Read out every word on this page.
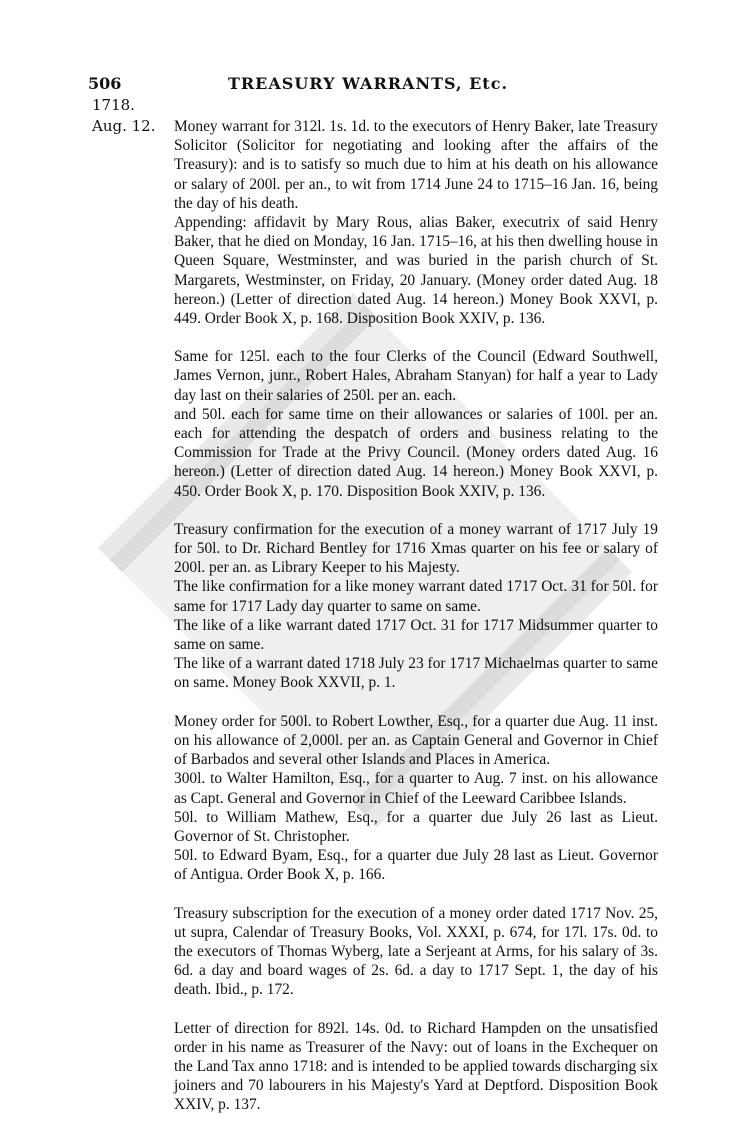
506	TREASURY WARRANTS, Etc.
1718.
Aug. 12. Money warrant for 312l. 1s. 1d. to the executors of Henry Baker, late Treasury Solicitor (Solicitor for negotiating and looking after the affairs of the Treasury): and is to satisfy so much due to him at his death on his allowance or salary of 200l. per an., to wit from 1714 June 24 to 1715–16 Jan. 16, being the day of his death.

Appending: affidavit by Mary Rous, alias Baker, executrix of said Henry Baker, that he died on Monday, 16 Jan. 1715–16, at his then dwelling house in Queen Square, Westminster, and was buried in the parish church of St. Margarets, Westminster, on Friday, 20 January. (Money order dated Aug. 18 hereon.) (Letter of direction dated Aug. 14 hereon.) Money Book XXVI, p. 449. Order Book X, p. 168. Disposition Book XXIV, p. 136.

Same for 125l. each to the four Clerks of the Council (Edward Southwell, James Vernon, junr., Robert Hales, Abraham Stanyan) for half a year to Lady day last on their salaries of 250l. per an. each.

and 50l. each for same time on their allowances or salaries of 100l. per an. each for attending the despatch of orders and business relating to the Commission for Trade at the Privy Council. (Money orders dated Aug. 16 hereon.) (Letter of direction dated Aug. 14 hereon.) Money Book XXVI, p. 450. Order Book X, p. 170. Disposition Book XXIV, p. 136.

Treasury confirmation for the execution of a money warrant of 1717 July 19 for 50l. to Dr. Richard Bentley for 1716 Xmas quarter on his fee or salary of 200l. per an. as Library Keeper to his Majesty.

The like confirmation for a like money warrant dated 1717 Oct. 31 for 50l. for same for 1717 Lady day quarter to same on same.

The like of a like warrant dated 1717 Oct. 31 for 1717 Midsummer quarter to same on same.

The like of a warrant dated 1718 July 23 for 1717 Michaelmas quarter to same on same. Money Book XXVII, p. 1.

Money order for 500l. to Robert Lowther, Esq., for a quarter due Aug. 11 inst. on his allowance of 2,000l. per an. as Captain General and Governor in Chief of Barbados and several other Islands and Places in America.

300l. to Walter Hamilton, Esq., for a quarter to Aug. 7 inst. on his allowance as Capt. General and Governor in Chief of the Leeward Caribbee Islands.

50l. to William Mathew, Esq., for a quarter due July 26 last as Lieut. Governor of St. Christopher.

50l. to Edward Byam, Esq., for a quarter due July 28 last as Lieut. Governor of Antigua. Order Book X, p. 166.

Treasury subscription for the execution of a money order dated 1717 Nov. 25, ut supra, Calendar of Treasury Books, Vol. XXXI, p. 674, for 17l. 17s. 0d. to the executors of Thomas Wyberg, late a Serjeant at Arms, for his salary of 3s. 6d. a day and board wages of 2s. 6d. a day to 1717 Sept. 1, the day of his death. Ibid., p. 172.

Letter of direction for 892l. 14s. 0d. to Richard Hampden on the unsatisfied order in his name as Treasurer of the Navy: out of loans in the Exchequer on the Land Tax anno 1718: and is intended to be applied towards discharging six joiners and 70 labourers in his Majesty's Yard at Deptford. Disposition Book XXIV, p. 137.
